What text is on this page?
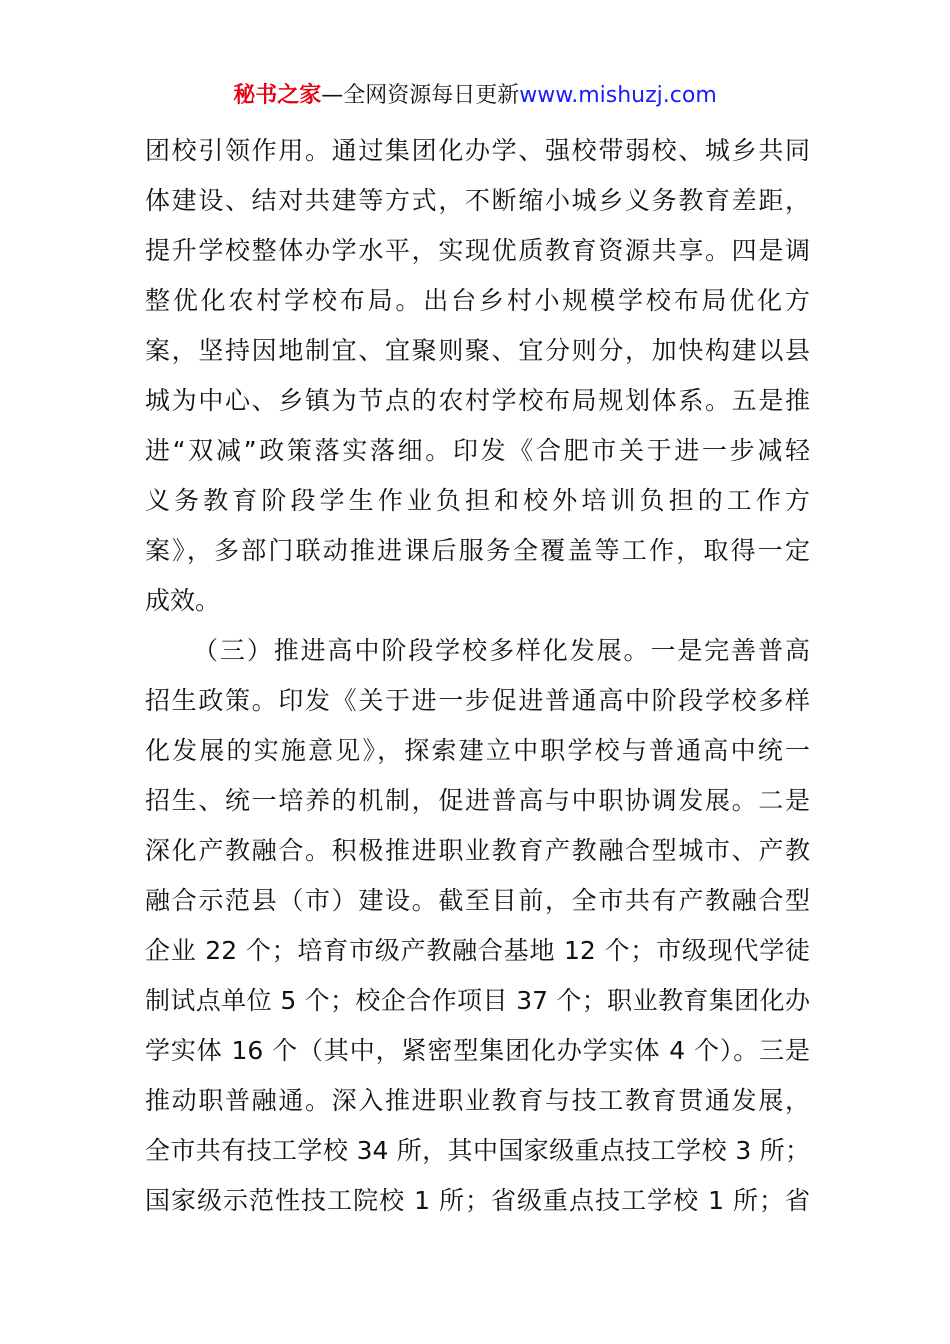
秘书之家—全网资源每日更新www.mishuzj.com
团校引领作用。通过集团化办学、强校带弱校、城乡共同
体建设、结对共建等方式，不断缩小城乡义务教育差距，
提升学校整体办学水平，实现优质教育资源共享。四是调
整优化农村学校布局。出台乡村小规模学校布局优化方
案，坚持因地制宜、宜聚则聚、宜分则分，加快构建以县
城为中心、乡镇为节点的农村学校布局规划体系。五是推
进“双减”政策落实落细。印发《合肥市关于进一步减轻
义务教育阶段学生作业负担和校外培训负担的工作方
案》，多部门联动推进课后服务全覆盖等工作，取得一定
成效。
（三）推进高中阶段学校多样化发展。一是完善普高
招生政策。印发《关于进一步促进普通高中阶段学校多样
化发展的实施意见》，探索建立中职学校与普通高中统一
招生、统一培养的机制，促进普高与中职协调发展。二是
深化产教融合。积极推进职业教育产教融合型城市、产教
融合示范县（市）建设。截至目前，全市共有产教融合型
企业 22 个；培育市级产教融合基地 12 个；市级现代学徒
制试点单位 5 个；校企合作项目 37 个；职业教育集团化办
学实体 16 个（其中，紧密型集团化办学实体 4 个）。三是
推动职普融通。深入推进职业教育与技工教育贯通发展，
全市共有技工学校 34 所，其中国家级重点技工学校 3 所；
国家级示范性技工院校 1 所；省级重点技工学校 1 所；省
